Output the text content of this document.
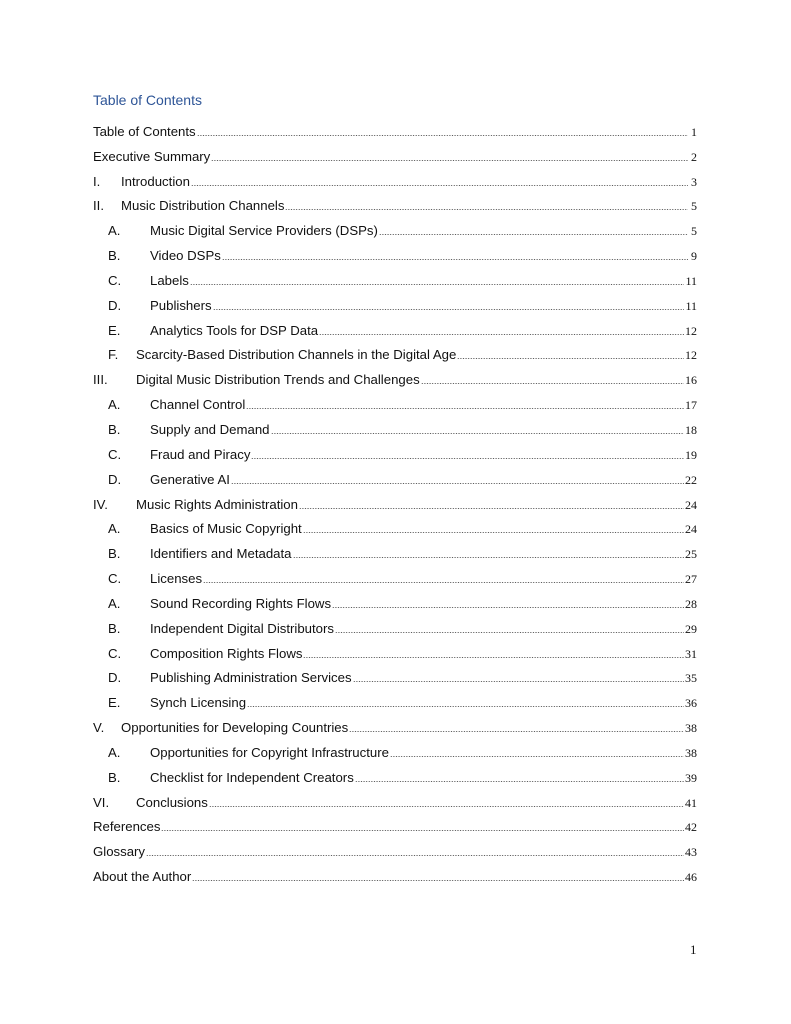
Table of Contents
Table of Contents	1
Executive Summary	2
I.	Introduction	3
II.	Music Distribution Channels	5
A.	Music Digital Service Providers (DSPs)	5
B.	Video DSPs	9
C.	Labels	11
D.	Publishers	11
E.	Analytics Tools for DSP Data	12
F.	Scarcity-Based Distribution Channels in the Digital Age	12
III.	Digital Music Distribution Trends and Challenges	16
A.	Channel Control	17
B.	Supply and Demand	18
C.	Fraud and Piracy	19
D.	Generative AI	22
IV.	Music Rights Administration	24
A.	Basics of Music Copyright	24
B.	Identifiers and Metadata	25
C.	Licenses	27
A.	Sound Recording Rights Flows	28
B.	Independent Digital Distributors	29
C.	Composition Rights Flows	31
D.	Publishing Administration Services	35
E.	Synch Licensing	36
V.	Opportunities for Developing Countries	38
A.	Opportunities for Copyright Infrastructure	38
B.	Checklist for Independent Creators	39
VI.	Conclusions	41
References	42
Glossary	43
About the Author	46
1
